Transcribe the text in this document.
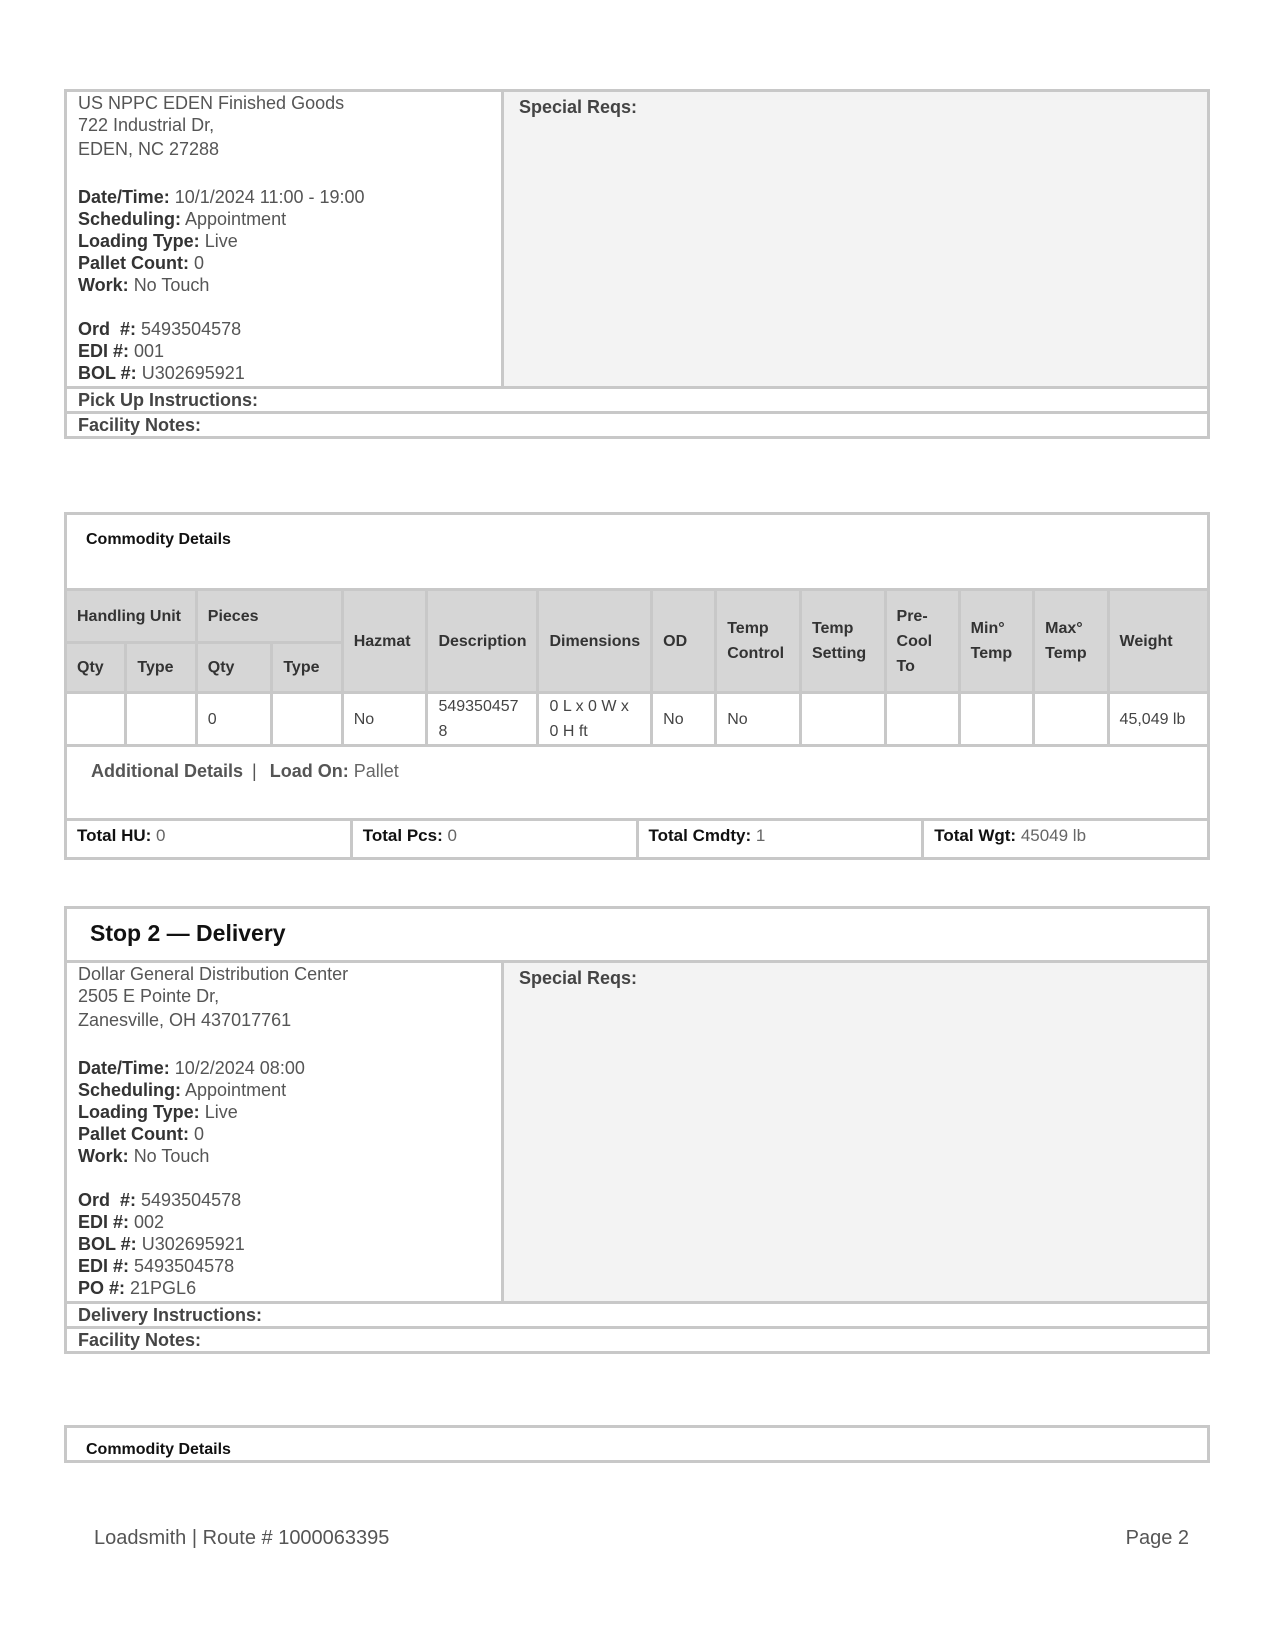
US NPPC EDEN Finished Goods
722 Industrial Dr,
EDEN, NC 27288
Date/Time: 10/1/2024 11:00 - 19:00
Scheduling: Appointment
Loading Type: Live
Pallet Count: 0
Work: No Touch
Ord  #: 5493504578
EDI #: 001
BOL #: U302695921
Special Reqs:
Pick Up Instructions:
Facility Notes:
Commodity Details
Handling Unit		Pieces		Hazmat	Description	Dimensions	OD	Temp Control	Temp Setting	Pre-Cool To	Min° Temp	Max° Temp	Weight
Qty	Type	Qty	Type										
		0		No	5493504578	0 L x 0 W x 0 H ft	No	No					45,049 lb
Additional Details | Load On: Pallet
Total HU: 0	Total Pcs: 0	Total Cmdty: 1	Total Wgt: 45049 lb
Stop 2 — Delivery
Dollar General Distribution Center
2505 E Pointe Dr,
Zanesville, OH 437017761
Date/Time: 10/2/2024 08:00
Scheduling: Appointment
Loading Type: Live
Pallet Count: 0
Work: No Touch
Ord  #: 5493504578
EDI #: 002
BOL #: U302695921
EDI #: 5493504578
PO #: 21PGL6
Special Reqs:
Delivery Instructions:
Facility Notes:
Commodity Details
Loadsmith | Route # 1000063395	Page 2
